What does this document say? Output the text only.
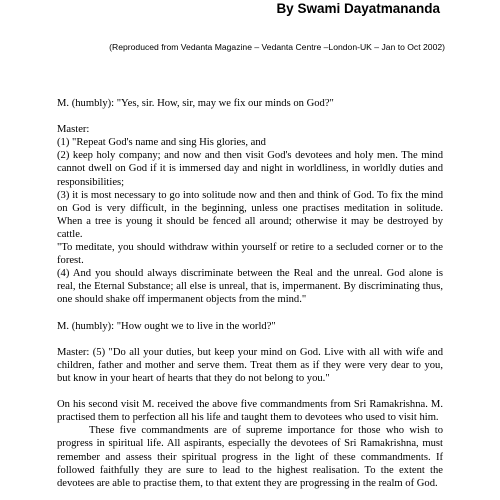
By Swami Dayatmananda
(Reproduced from Vedanta Magazine – Vedanta Centre –London-UK – Jan to Oct 2002)

M. (humbly): "Yes, sir. How, sir, may we fix our minds on God?"

Master:

(1) "Repeat God's name and sing His glories, and

(2) keep holy company; and now and then visit God's devotees and holy men. The mind cannot dwell on God if it is immersed day and night in worldliness, in worldly duties and responsibilities;

(3) it is most necessary to go into solitude now and then and think of God. To fix the mind on God is very difficult, in the beginning, unless one practises meditation in solitude. When a tree is young it should be fenced all around; otherwise it may be destroyed by cattle.

"To meditate, you should withdraw within yourself or retire to a secluded corner or to the forest.

(4) And you should always discriminate between the Real and the unreal. God alone is real, the Eternal Substance; all else is unreal, that is, impermanent. By discriminating thus, one should shake off impermanent objects from the mind."

M. (humbly): "How ought we to live in the world?"

Master: (5) "Do all your duties, but keep your mind on God. Live with all with wife and children, father and mother and serve them. Treat them as if they were very dear to you, but know in your heart of hearts that they do not belong to you."

On his second visit M. received the above five commandments from Sri Ramakrishna. M. practised them to perfection all his life and taught them to devotees who used to visit him.

These five commandments are of supreme importance for those who wish to progress in spiritual life. All aspirants, especially the devotees of Sri Ramakrishna, must remember and assess their spiritual progress in the light of these commandments. If followed faithfully they are sure to lead to the highest realisation. To the extent the devotees are able to practise them, to that extent they are progressing in the realm of God.
